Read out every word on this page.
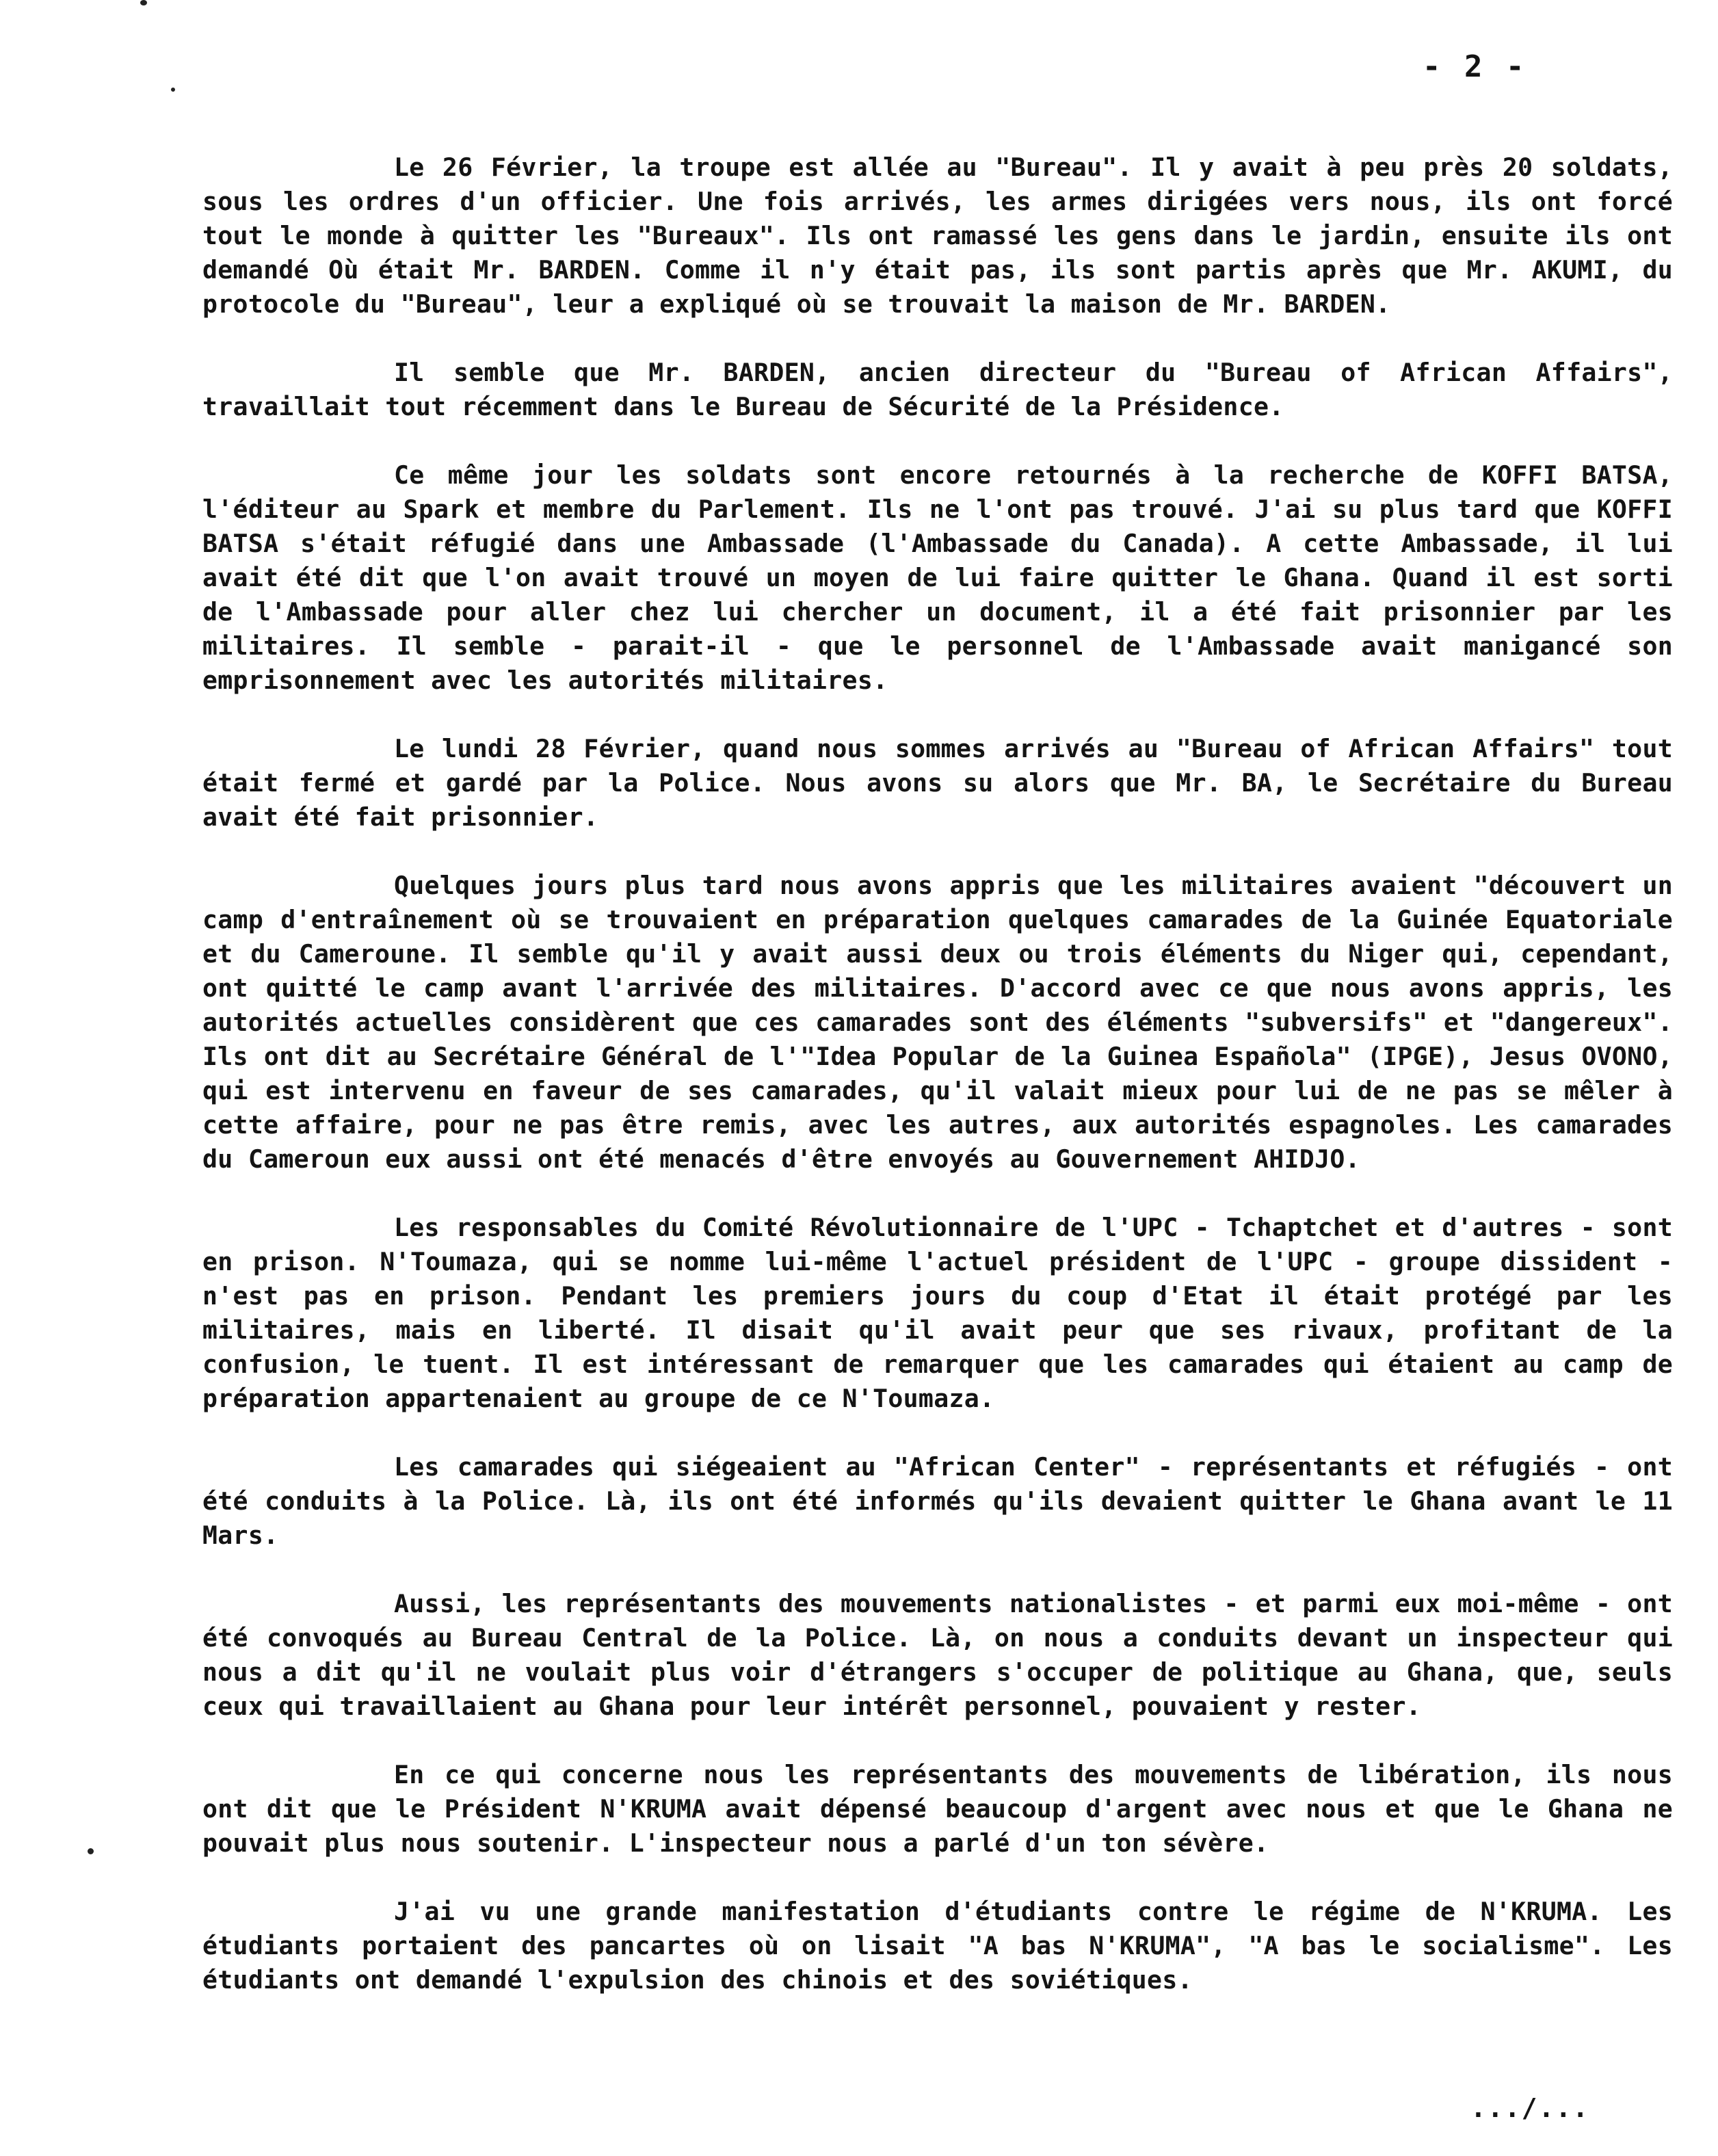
- 2 -

Le 26 Février, la troupe est allée au "Bureau". Il y avait à peu près 20 soldats, sous les ordres d'un officier. Une fois arrivés, les armes dirigées vers nous, ils ont forcé tout le monde à quitter les "Bureaux". Ils ont ramassé les gens dans le jardin, ensuite ils ont demandé Où était Mr. BARDEN. Comme il n'y était pas, ils sont partis après que Mr. AKUMI, du protocole du "Bureau", leur a expliqué où se trouvait la maison de Mr. BARDEN.

Il semble que Mr. BARDEN, ancien directeur du "Bureau of African Affairs", travaillait tout récemment dans le Bureau de Sécurité de la Présidence.

Ce même jour les soldats sont encore retournés à la recherche de KOFFI BATSA, l'éditeur au Spark et membre du Parlement. Ils ne l'ont pas trouvé. J'ai su plus tard que KOFFI BATSA s'était réfugié dans une Ambassade (l'Ambassade du Canada). A cette Ambassade, il lui avait été dit que l'on avait trouvé un moyen de lui faire quitter le Ghana. Quand il est sorti de l'Ambassade pour aller chez lui chercher un document, il a été fait prisonnier par les militaires. Il semble - parait-il - que le personnel de l'Ambassade avait manigancé son emprisonnement avec les autorités militaires.

Le lundi 28 Février, quand nous sommes arrivés au "Bureau of African Affairs" tout était fermé et gardé par la Police. Nous avons su alors que Mr. BA, le Secrétaire du Bureau avait été fait prisonnier.

Quelques jours plus tard nous avons appris que les militaires avaient "découvert un camp d'entraînement où se trouvaient en préparation quelques camarades de la Guinée Equatoriale et du Cameroune. Il semble qu'il y avait aussi deux ou trois éléments du Niger qui, cependant, ont quitté le camp avant l'arrivée des militaires. D'accord avec ce que nous avons appris, les autorités actuelles considèrent que ces camarades sont des éléments "subversifs" et "dangereux". Ils ont dit au Secrétaire Général de l'"Idea Popular de la Guinea Española" (IPGE), Jesus OVONO, qui est intervenu en faveur de ses camarades, qu'il valait mieux pour lui de ne pas se mêler à cette affaire, pour ne pas être remis, avec les autres, aux autorités espagnoles. Les camarades du Cameroun eux aussi ont été menacés d'être envoyés au Gouvernement AHIDJO.

Les responsables du Comité Révolutionnaire de l'UPC - Tchaptchet et d'autres - sont en prison. N'Toumaza, qui se nomme lui-même l'actuel président de l'UPC - groupe dissident - n'est pas en prison. Pendant les premiers jours du coup d'Etat il était protégé par les militaires, mais en liberté. Il disait qu'il avait peur que ses rivaux, profitant de la confusion, le tuent. Il est intéressant de remarquer que les camarades qui étaient au camp de préparation appartenaient au groupe de ce N'Toumaza.

Les camarades qui siégeaient au "African Center" - représentants et réfugiés - ont été conduits à la Police. Là, ils ont été informés qu'ils devaient quitter le Ghana avant le 11 Mars.

Aussi, les représentants des mouvements nationalistes - et parmi eux moi-même - ont été convoqués au Bureau Central de la Police. Là, on nous a conduits devant un inspecteur qui nous a dit qu'il ne voulait plus voir d'étrangers s'occuper de politique au Ghana, que, seuls ceux qui travaillaient au Ghana pour leur intérêt personnel, pouvaient y rester.

En ce qui concerne nous les représentants des mouvements de libération, ils nous ont dit que le Président N'KRUMA avait dépensé beaucoup d'argent avec nous et que le Ghana ne pouvait plus nous soutenir. L'inspecteur nous a parlé d'un ton sévère.

J'ai vu une grande manifestation d'étudiants contre le régime de N'KRUMA. Les étudiants portaient des pancartes où on lisait "A bas N'KRUMA", "A bas le socialisme". Les étudiants ont demandé l'expulsion des chinois et des soviétiques.

.../...
